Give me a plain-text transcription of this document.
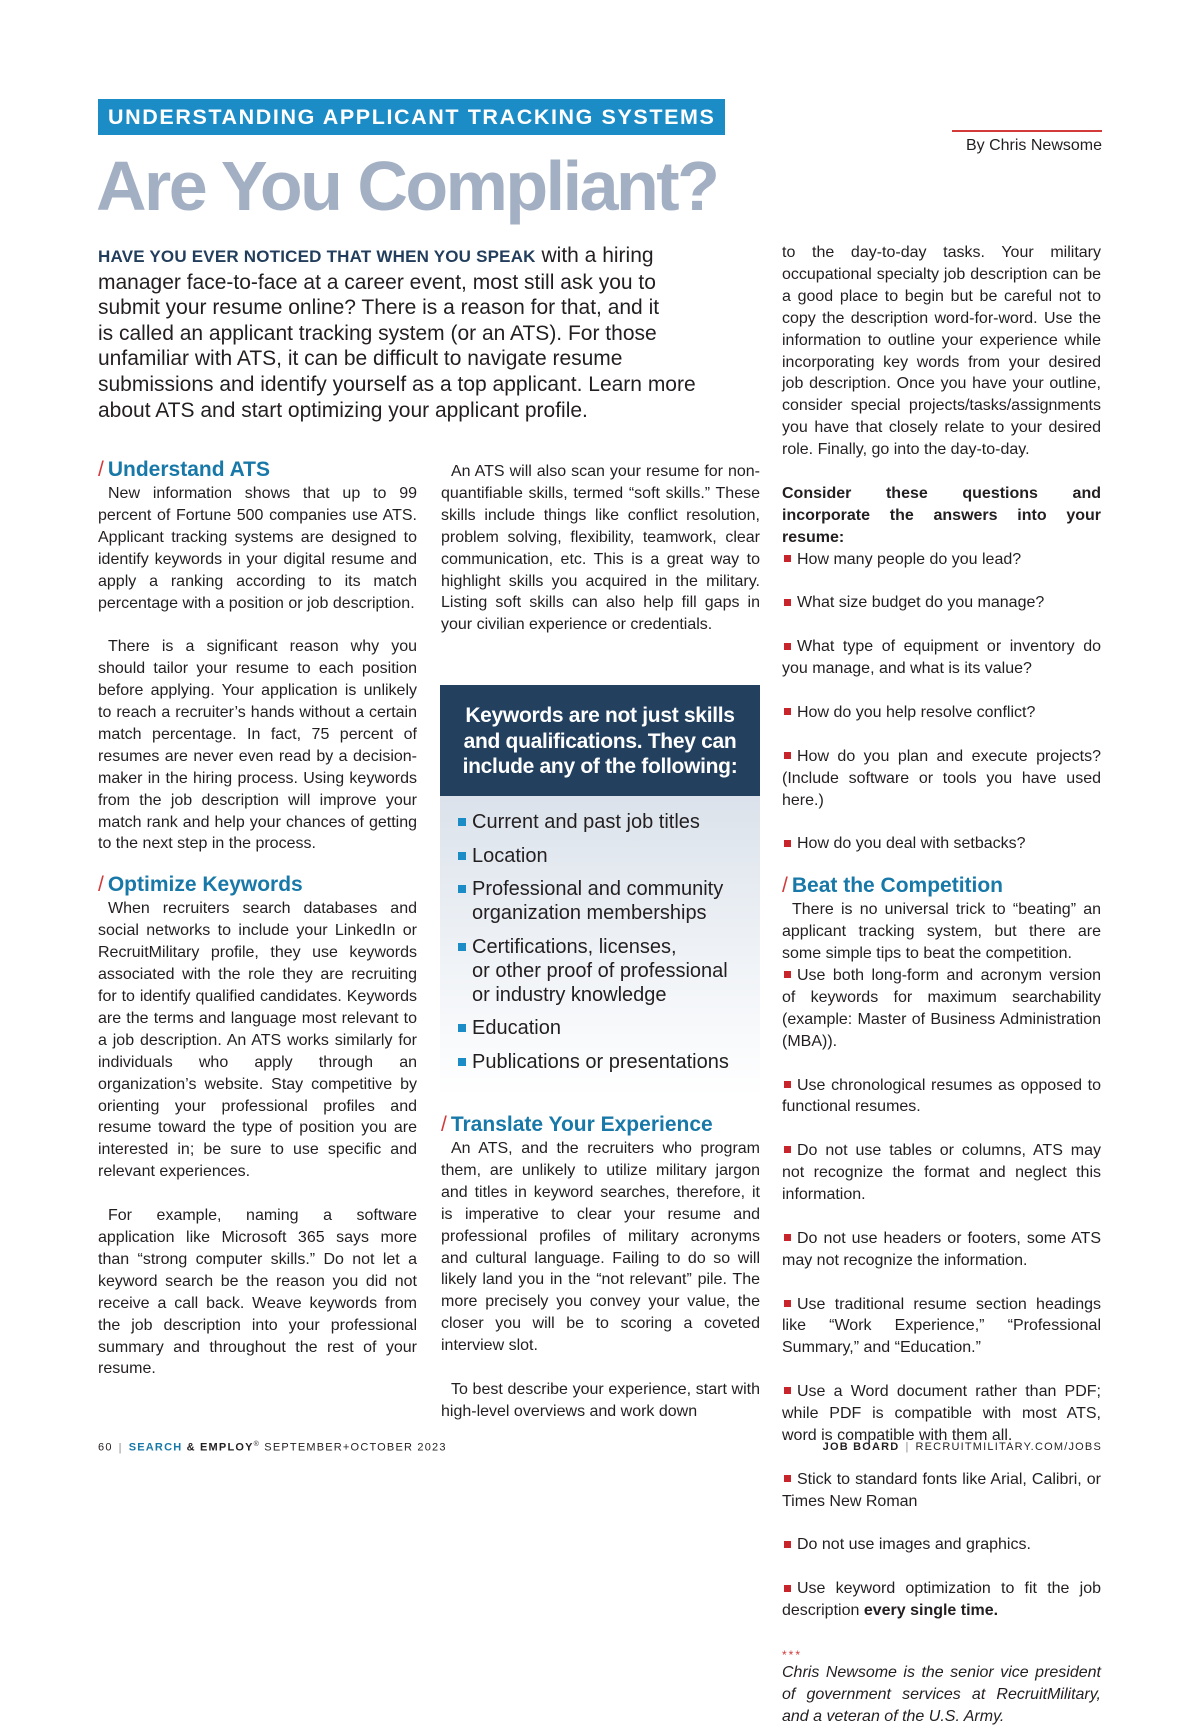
UNDERSTANDING APPLICANT TRACKING SYSTEMS
By Chris Newsome
Are You Compliant?

HAVE YOU EVER NOTICED THAT WHEN YOU SPEAK with a hiring
manager face-to-face at a career event, most still ask you to
submit your resume online? There is a reason for that, and it
is called an applicant tracking system (or an ATS). For those
unfamiliar with ATS, it can be difficult to navigate resume
submissions and identify yourself as a top applicant. Learn more
about ATS and start optimizing your applicant profile.

/ Understand ATS

New information shows that up to 99 percent of Fortune 500 companies use ATS. Applicant tracking systems are designed to identify keywords in your digital resume and apply a ranking according to its match percentage with a position or job description.

There is a significant reason why you should tailor your resume to each position before applying. Your application is unlikely to reach a recruiter’s hands without a certain match percentage. In fact, 75 percent of resumes are never even read by a decision-maker in the hiring process. Using keywords from the job description will improve your match rank and help your chances of getting to the next step in the process.

/ Optimize Keywords

When recruiters search databases and social networks to include your LinkedIn or RecruitMilitary profile, they use keywords associated with the role they are recruiting for to identify qualified candidates. Keywords are the terms and language most relevant to a job description. An ATS works similarly for individuals who apply through an organization’s website. Stay competitive by orienting your professional profiles and resume toward the type of position you are interested in; be sure to use specific and relevant experiences.

For example, naming a software application like Microsoft 365 says more than “strong computer skills.” Do not let a keyword search be the reason you did not receive a call back. Weave keywords from the job description into your professional summary and throughout the rest of your resume.

An ATS will also scan your resume for non-quantifiable skills, termed “soft skills.” These skills include things like conflict resolution, problem solving, flexibility, teamwork, clear communication, etc. This is a great way to highlight skills you acquired in the military. Listing soft skills can also help fill gaps in your civilian experience or credentials.

Keywords are not just skills
and qualifications. They can
include any of the following:
Current and past job titles
Location
Professional and community
organization memberships
Certifications, licenses,
or other proof of professional
or industry knowledge
Education
Publications or presentations
/ Translate Your Experience

An ATS, and the recruiters who program them, are unlikely to utilize military jargon and titles in keyword searches, therefore, it is imperative to clear your resume and professional profiles of military acronyms and cultural language. Failing to do so will likely land you in the “not relevant” pile. The more precisely you convey your value, the closer you will be to scoring a coveted interview slot.

To best describe your experience, start with high-level overviews and work down

to the day-to-day tasks. Your military occupational specialty job description can be a good place to begin but be careful not to copy the description word-for-word. Use the information to outline your experience while incorporating key words from your desired job description. Once you have your outline, consider special projects/tasks/assignments you have that closely relate to your desired role. Finally, go into the day-to-day.

Consider these questions and incorporate the answers into your resume:

How many people do you lead?

What size budget do you manage?

What type of equipment or inventory do you manage, and what is its value?

How do you help resolve conflict?

How do you plan and execute projects? (Include software or tools you have used here.)

How do you deal with setbacks?

/ Beat the Competition

There is no universal trick to “beating” an applicant tracking system, but there are some simple tips to beat the competition.

Use both long-form and acronym version of keywords for maximum searchability (example: Master of Business Administration (MBA)).

Use chronological resumes as opposed to functional resumes.

Do not use tables or columns, ATS may not recognize the format and neglect this information.

Do not use headers or footers, some ATS may not recognize the information.

Use traditional resume section headings like “Work Experience,” “Professional Summary,” and “Education.”

Use a Word document rather than PDF; while PDF is compatible with most ATS, word is compatible with them all.

Stick to standard fonts like Arial, Calibri, or Times New Roman

Do not use images and graphics.

Use keyword optimization to fit the job description every single time.

***

Chris Newsome is the senior vice president of government services at RecruitMilitary, and a veteran of the U.S. Army.

60 | SEARCH & EMPLOY® SEPTEMBER+OCTOBER 2023	JOB BOARD | RECRUITMILITARY.COM/JOBS
